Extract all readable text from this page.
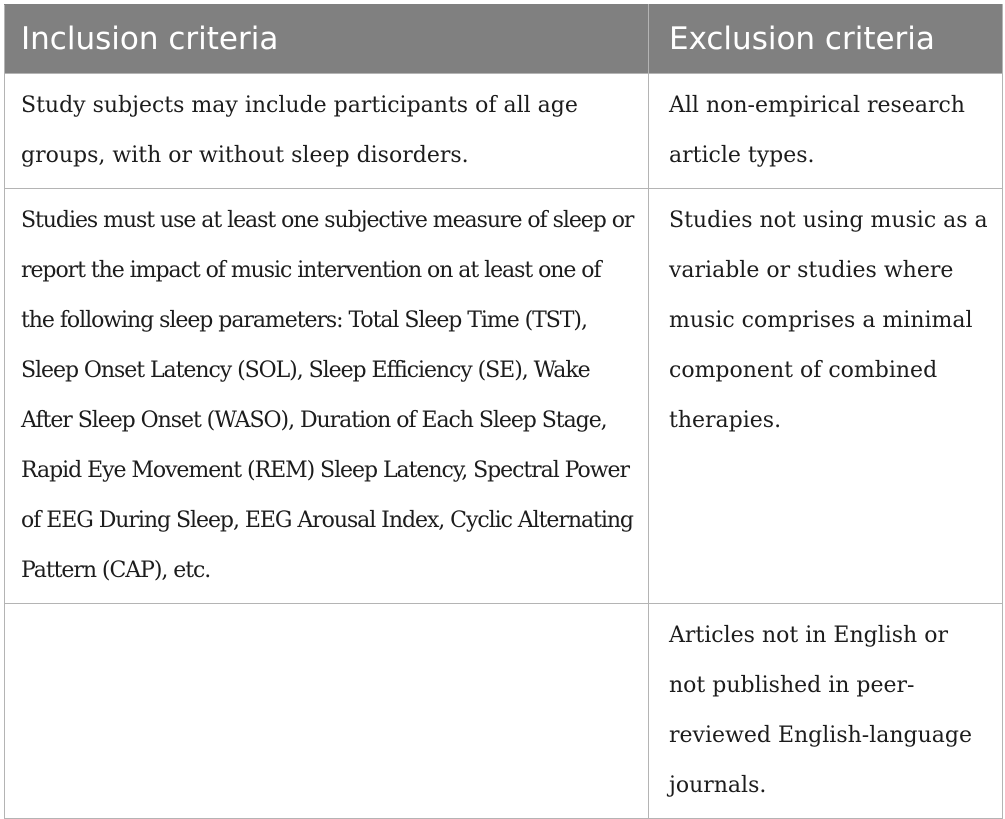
Inclusion criteria	Exclusion criteria
Study subjects may include participants of all age groups, with or without sleep disorders.	All non-empirical research article types.
Studies must use at least one subjective measure of sleep or report the impact of music intervention on at least one of the following sleep parameters: Total Sleep Time (TST), Sleep Onset Latency (SOL), Sleep Efficiency (SE), Wake After Sleep Onset (WASO), Duration of Each Sleep Stage, Rapid Eye Movement (REM) Sleep Latency, Spectral Power of EEG During Sleep, EEG Arousal Index, Cyclic Alternating Pattern (CAP), etc.	Studies not using music as a variable or studies where music comprises a minimal component of combined therapies.
	Articles not in English or not published in peer-reviewed English-language journals.
